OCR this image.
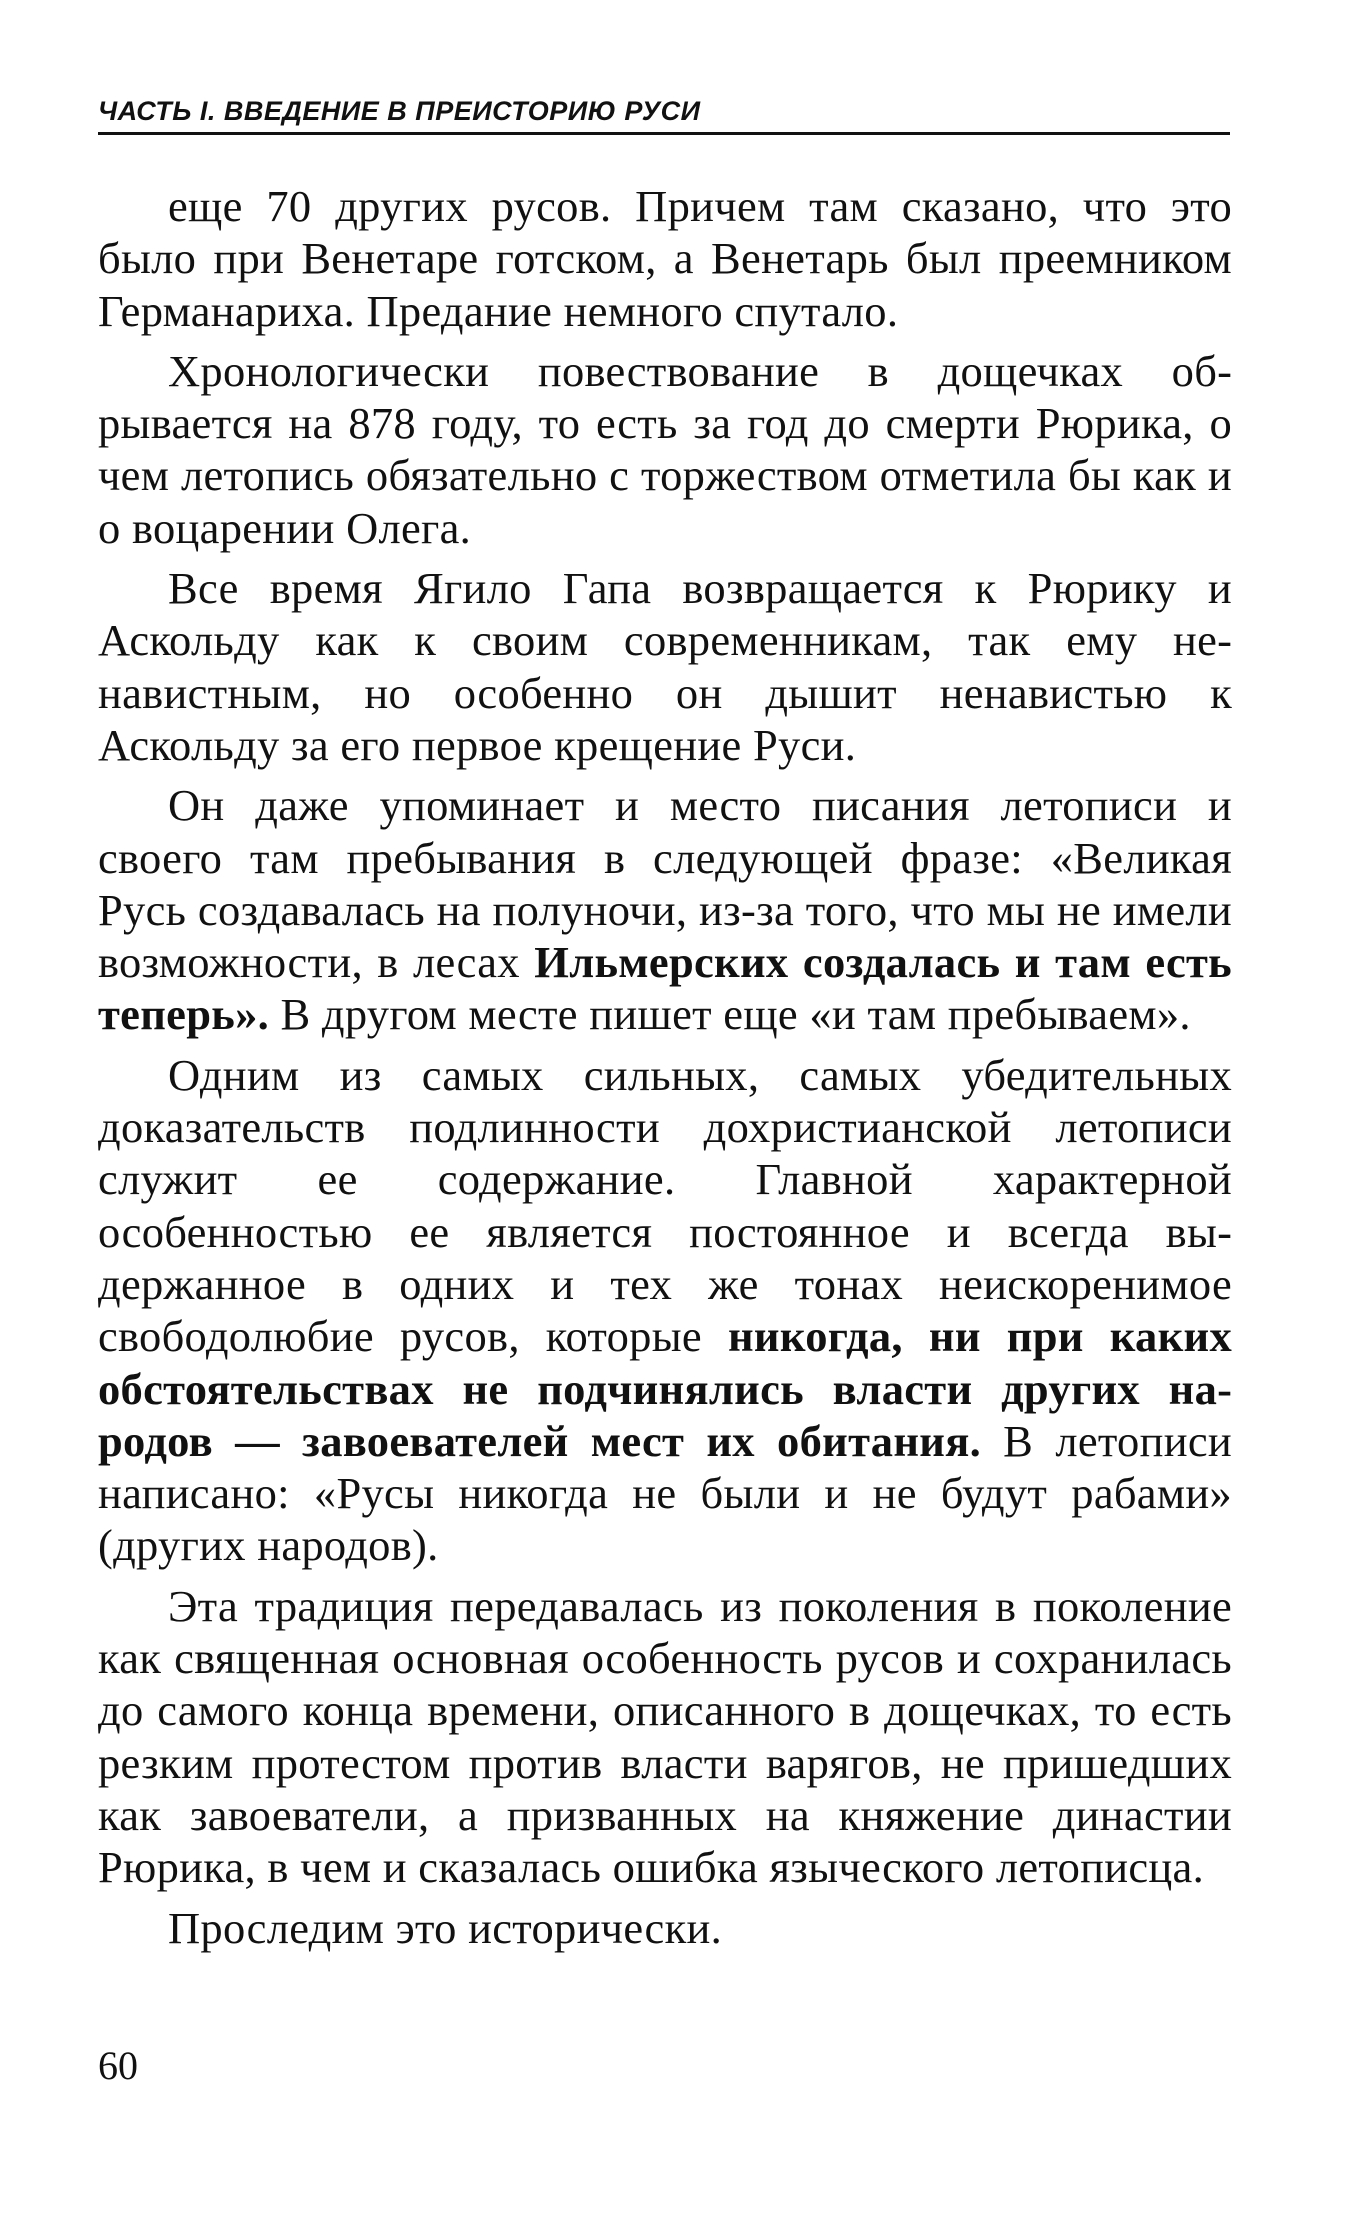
ЧАСТЬ I. ВВЕДЕНИЕ В ПРЕИСТОРИЮ РУСИ

еще 70 других русов. Причем там сказано, что это было при Венетаре готском, а Венетарь был преемником Германариха. Предание немного спутало.

Хронологически повествование в дощечках обрывается на 878 году, то есть за год до смерти Рюрика, о чем летопись обязательно с торжеством отметила бы как и о воцарении Олега.

Все время Ягило Гапа возвращается к Рюрику и Аскольду как к своим современникам, так ему ненавистным, но особенно он дышит ненавистью к Аскольду за его первое крещение Руси.

Он даже упоминает и место писания летописи и своего там пребывания в следующей фразе: «Великая Русь создавалась на полуночи, из-за того, что мы не имели возможности, в лесах Ильмерских создалась и там есть теперь». В другом месте пишет еще «и там пребываем».

Одним из самых сильных, самых убедительных доказательств подлинности дохристианской летописи служит ее содержание. Главной характерной особенностью ее является постоянное и всегда выдержанное в одних и тех же тонах неискоренимое свободолюбие русов, которые никогда, ни при каких обстоятельствах не подчинялись власти других народов — завоевателей мест их обитания. В летописи написано: «Русы никогда не были и не будут рабами» (других народов).

Эта традиция передавалась из поколения в поколение как священная основная особенность русов и сохранилась до самого конца времени, описанного в дощечках, то есть резким протестом против власти варягов, не пришедших как завоеватели, а призванных на княжение династии Рюрика, в чем и сказалась ошибка языческого летописца.

Проследим это исторически.

60
